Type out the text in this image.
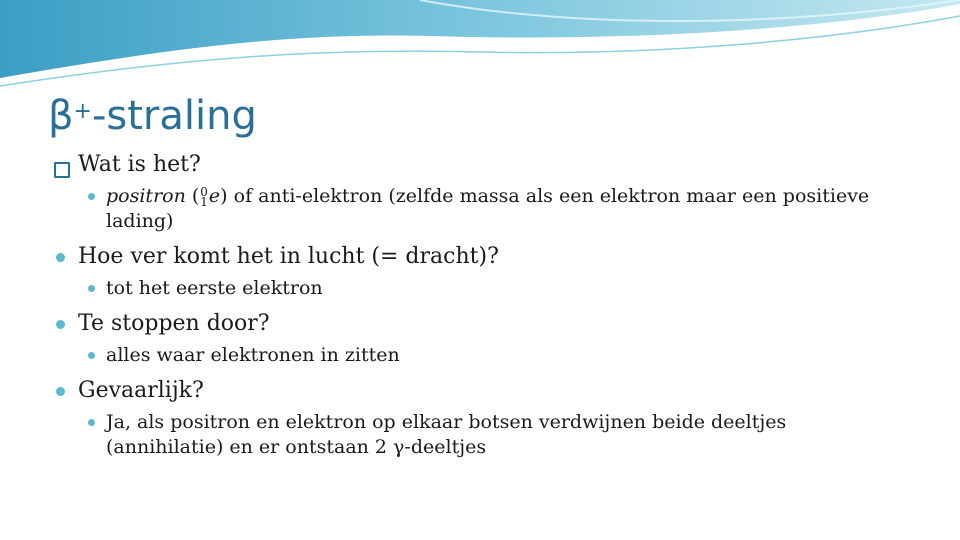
β+-straling
Wat is het?
positron ( 0
1 e) of anti-elektron (zelfde massa als een elektron maar een positieve lading)
Hoe ver komt het in lucht (= dracht)?
tot het eerste elektron
Te stoppen door?
alles waar elektronen in zitten
Gevaarlijk?
Ja, als positron en elektron op elkaar botsen verdwijnen beide deeltjes (annihilatie) en er ontstaan 2 γ-deeltjes
